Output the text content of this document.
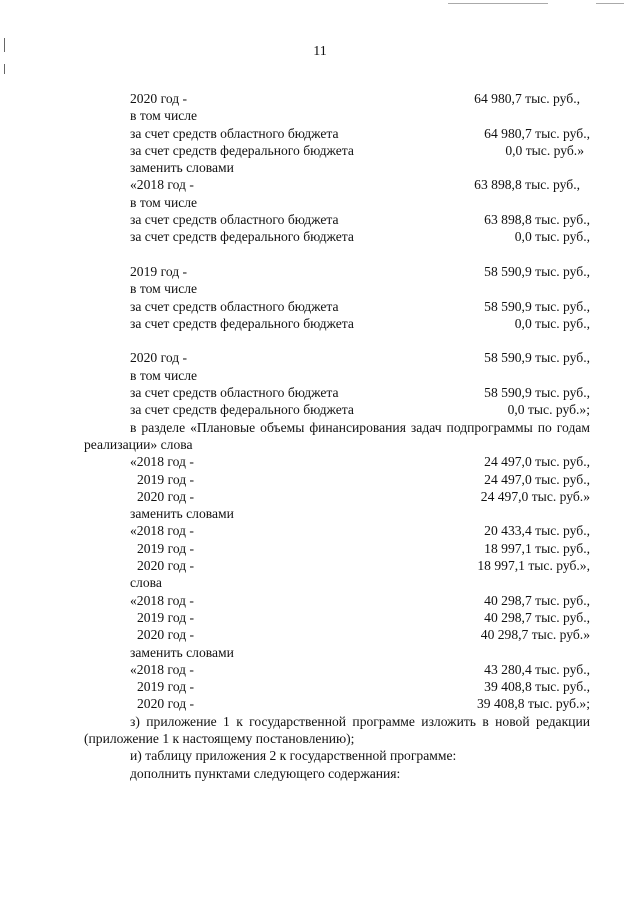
11
2020 год -	64 980,7 тыс. руб.,
в том числе
за счет средств областного бюджета	64 980,7 тыс. руб.,
за счет средств федерального бюджета	0,0 тыс. руб.»
заменить словами
«2018 год -	63 898,8 тыс. руб.,
в том числе
за счет средств областного бюджета	63 898,8 тыс. руб.,
за счет средств федерального бюджета	0,0 тыс. руб.,
2019 год -	58 590,9 тыс. руб.,
в том числе
за счет средств областного бюджета	58 590,9 тыс. руб.,
за счет средств федерального бюджета	0,0 тыс. руб.,
2020 год -	58 590,9 тыс. руб.,
в том числе
за счет средств областного бюджета	58 590,9 тыс. руб.,
за счет средств федерального бюджета	0,0 тыс. руб.»;
в разделе «Плановые объемы финансирования задач подпрограммы по годам реализации» слова
«2018 год -	24 497,0 тыс. руб.,
2019 год -	24 497,0 тыс. руб.,
2020 год -	24 497,0 тыс. руб.»
заменить словами
«2018 год -	20 433,4 тыс. руб.,
2019 год -	18 997,1 тыс. руб.,
2020 год -	18 997,1 тыс. руб.»,
слова
«2018 год -	40 298,7 тыс. руб.,
2019 год -	40 298,7 тыс. руб.,
2020 год -	40 298,7 тыс. руб.»
заменить словами
«2018 год -	43 280,4 тыс. руб.,
2019 год -	39 408,8 тыс. руб.,
2020 год -	39 408,8 тыс. руб.»;
з) приложение 1 к государственной программе изложить в новой редакции (приложение 1 к настоящему постановлению);
и) таблицу приложения 2 к государственной программе:
дополнить пунктами следующего содержания:
